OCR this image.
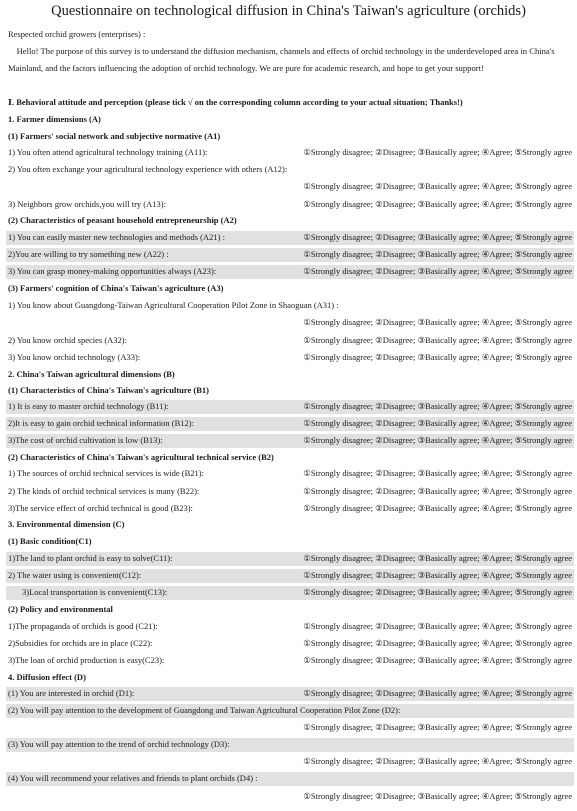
Questionnaire on technological diffusion in China's Taiwan's agriculture (orchids)
Respected orchid growers (enterprises) :
Hello! The purpose of this survey is to understand the diffusion mechanism, channels and effects of orchid technology in the underdeveloped area in China's Mainland, and the factors influencing the adoption of orchid technology. We are pure for academic research, and hope to get your support!
Ⅰ. Behavioral attitude and perception (please tick √ on the corresponding column according to your actual situation; Thanks!)
1. Farmer dimensions (A)
(1) Farmers' social network and subjective normative (A1)
1) You often attend agricultural technology training (A11):	①Strongly disagree; ②Disagree; ③Basically agree; ④Agree; ⑤Strongly agree
2) You often exchange your agricultural technology experience with others (A12):
①Strongly disagree; ②Disagree; ③Basically agree; ④Agree; ⑤Strongly agree
3) Neighbors grow orchids,you will try (A13):	①Strongly disagree; ②Disagree; ③Basically agree; ④Agree; ⑤Strongly agree
(2) Characteristics of peasant household entrepreneurship (A2)
1) You can easily master new technologies and methods (A21) :	①Strongly disagree; ②Disagree; ③Basically agree; ④Agree; ⑤Strongly agree
2)You are willing to try something new (A22) :	①Strongly disagree; ②Disagree; ③Basically agree; ④Agree; ⑤Strongly agree
3) You can grasp money-making opportunities always (A23):	①Strongly disagree; ②Disagree; ③Basically agree; ④Agree; ⑤Strongly agree
(3) Farmers' cognition of China's Taiwan's agriculture (A3)
1) You know about Guangdong-Taiwan Agricultural Cooperation Pilot Zone in Shaoguan (A31) :
①Strongly disagree; ②Disagree; ③Basically agree; ④Agree; ⑤Strongly agree
2) You know orchid species (A32):	①Strongly disagree; ②Disagree; ③Basically agree; ④Agree; ⑤Strongly agree
3) You know orchid technology (A33):	①Strongly disagree; ②Disagree; ③Basically agree; ④Agree; ⑤Strongly agree
2. China's Taiwan agricultural dimensions (B)
(1) Characteristics of China's Taiwan's agriculture (B1)
1) It is easy to master orchid technology (B11):	①Strongly disagree; ②Disagree; ③Basically agree; ④Agree; ⑤Strongly agree
2)It is easy to gain orchid technical information (B12):	①Strongly disagree; ②Disagree; ③Basically agree; ④Agree; ⑤Strongly agree
3)The cost of orchid cultivation is low (B13):	①Strongly disagree; ②Disagree; ③Basically agree; ④Agree; ⑤Strongly agree
(2) Characteristics of China's Taiwan's agricultural technical service (B2)
1) The sources of orchid technical services is wide (B21):	①Strongly disagree; ②Disagree; ③Basically agree; ④Agree; ⑤Strongly agree
2) The kinds of orchid technical services is many (B22):	①Strongly disagree; ②Disagree; ③Basically agree; ④Agree; ⑤Strongly agree
3)The service effect of orchid technical is good (B23):	①Strongly disagree; ②Disagree; ③Basically agree; ④Agree; ⑤Strongly agree
3. Environmental dimension (C)
(1) Basic condition(C1)
1)The land to plant orchid is easy to solve(C11):	①Strongly disagree; ②Disagree; ③Basically agree; ④Agree; ⑤Strongly agree
2) The water using is convenient(C12):	①Strongly disagree; ②Disagree; ③Basically agree; ④Agree; ⑤Strongly agree
3)Local transportation is convenient(C13):	①Strongly disagree; ②Disagree; ③Basically agree; ④Agree; ⑤Strongly agree
(2) Policy and environmental
1)The propaganda of orchids is good (C21):	①Strongly disagree; ②Disagree; ③Basically agree; ④Agree; ⑤Strongly agree
2)Subsidies for orchids are in place (C22):	①Strongly disagree; ②Disagree; ③Basically agree; ④Agree; ⑤Strongly agree
3)The loan of orchid production is easy(C23):	①Strongly disagree; ②Disagree; ③Basically agree; ④Agree; ⑤Strongly agree
4. Diffusion effect (D)
(1) You are interested in orchid (D1):	①Strongly disagree; ②Disagree; ③Basically agree; ④Agree; ⑤Strongly agree
(2) You will pay attention to the development of Guangdong and Taiwan Agricultural Cooperation Pilot Zone (D2):
①Strongly disagree; ②Disagree; ③Basically agree; ④Agree; ⑤Strongly agree
(3) You will pay attention to the trend of orchid technology (D3):
①Strongly disagree; ②Disagree; ③Basically agree; ④Agree; ⑤Strongly agree
(4) You will recommend your relatives and friends to plant orchids (D4) :
①Strongly disagree; ②Disagree; ③Basically agree; ④Agree; ⑤Strongly agree
